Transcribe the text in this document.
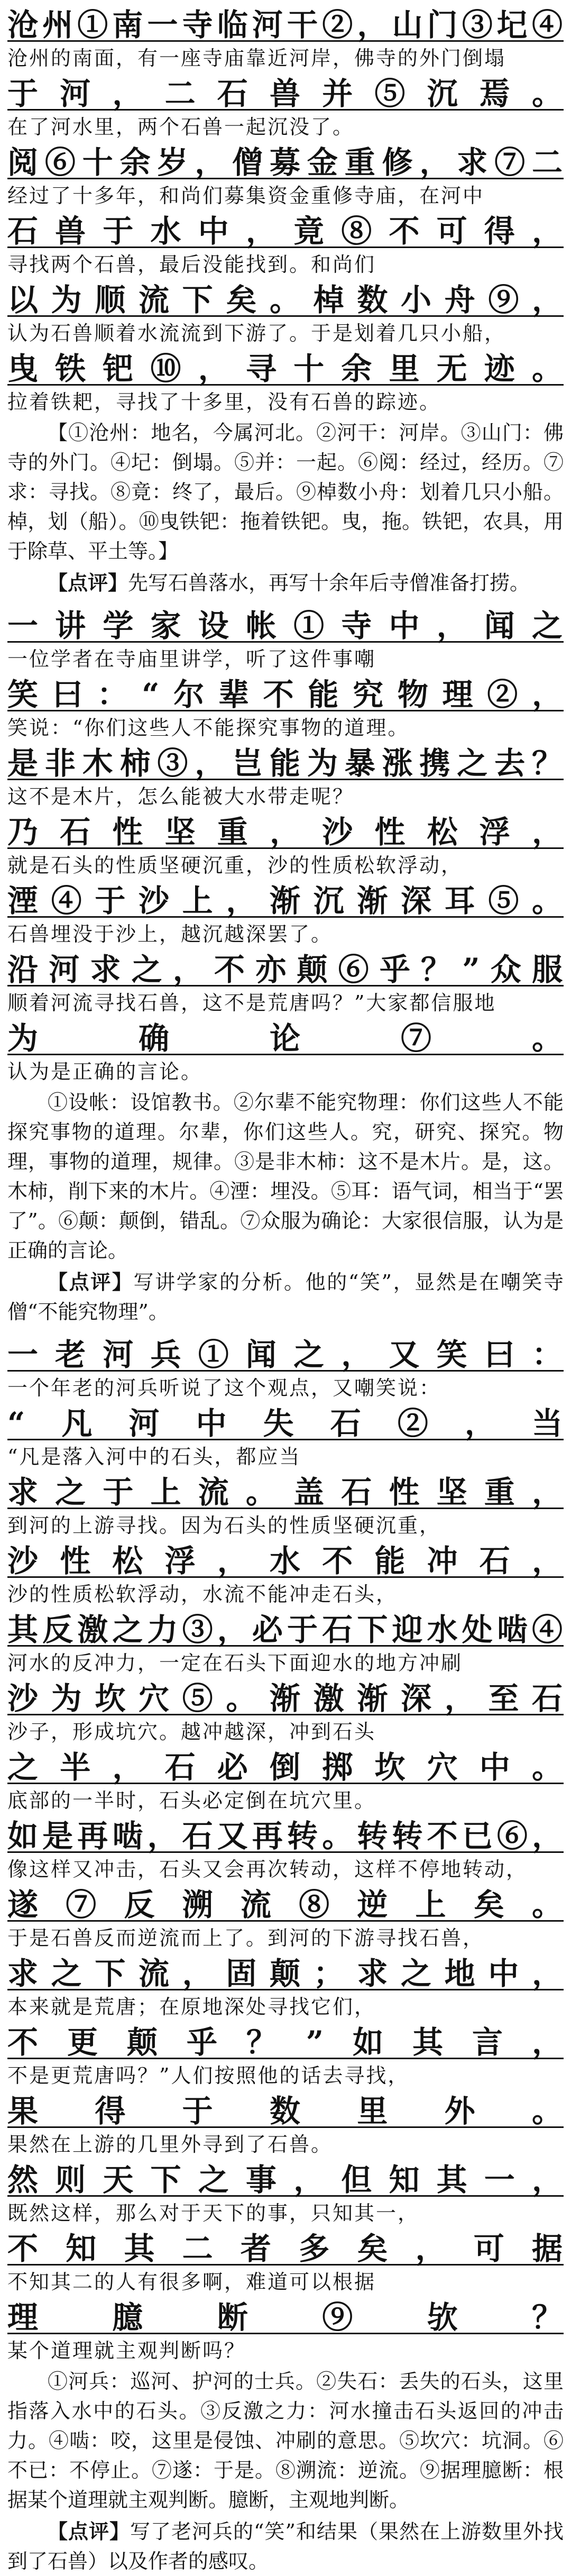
沧州①南一寺临河干②，山门③圮④

沧州的南面，有一座寺庙靠近河岸，佛寺的外门倒塌

于河，二石兽并⑤沉焉。

在了河水里，两个石兽一起沉没了。

阅⑥十余岁，僧募金重修，求⑦二

经过了十多年，和尚们募集资金重修寺庙，在河中

石兽于水中，竟⑧不可得，

寻找两个石兽，最后没能找到。和尚们

以为顺流下矣。棹数小舟⑨，

认为石兽顺着水流流到下游了。于是划着几只小船，

曳铁钯⑩，寻十余里无迹。

拉着铁耙，寻找了十多里，没有石兽的踪迹。

【①沧州：地名，今属河北。②河干：河岸。③山门：佛寺的外门。④圮：倒塌。⑤并：一起。⑥阅：经过，经历。⑦求：寻找。⑧竟：终了，最后。⑨棹数小舟：划着几只小船。棹，划（船）。⑩曳铁钯：拖着铁钯。曳，拖。铁钯，农具，用于除草、平土等。】

【点评】先写石兽落水，再写十余年后寺僧准备打捞。

一讲学家设帐①寺中，闻之

一位学者在寺庙里讲学，听了这件事嘲

笑曰：“尔辈不能究物理②，

笑说：“你们这些人不能探究事物的道理。

是非木柿③，岂能为暴涨携之去？

这不是木片，怎么能被大水带走呢？

乃石性坚重，沙性松浮，

就是石头的性质坚硬沉重，沙的性质松软浮动，

湮④于沙上，渐沉渐深耳⑤。

石兽埋没于沙上，越沉越深罢了。

沿河求之，不亦颠⑥乎？”众服

顺着河流寻找石兽，这不是荒唐吗？”大家都信服地

为确论⑦。

认为是正确的言论。

①设帐：设馆教书。②尔辈不能究物理：你们这些人不能探究事物的道理。尔辈，你们这些人。究，研究、探究。物理，事物的道理，规律。③是非木柿：这不是木片。是，这。木柿，削下来的木片。④湮：埋没。⑤耳：语气词，相当于“罢了”。⑥颠：颠倒，错乱。⑦众服为确论：大家很信服，认为是正确的言论。

【点评】写讲学家的分析。他的“笑”，显然是在嘲笑寺僧“不能究物理”。

一老河兵①闻之，又笑曰：

一个年老的河兵听说了这个观点，又嘲笑说：

“凡河中失石②，当

“凡是落入河中的石头，都应当

求之于上流。盖石性坚重，

到河的上游寻找。因为石头的性质坚硬沉重，

沙性松浮，水不能冲石，

沙的性质松软浮动，水流不能冲走石头，

其反激之力③，必于石下迎水处啮④

河水的反冲力，一定在石头下面迎水的地方冲刷

沙为坎穴⑤。渐激渐深，至石

沙子，形成坑穴。越冲越深，冲到石头

之半，石必倒掷坎穴中。

底部的一半时，石头必定倒在坑穴里。

如是再啮，石又再转。转转不已⑥，

像这样又冲击，石头又会再次转动，这样不停地转动，

遂⑦反溯流⑧逆上矣。

于是石兽反而逆流而上了。到河的下游寻找石兽，

求之下流，固颠；求之地中，

本来就是荒唐；在原地深处寻找它们，

不更颠乎？”如其言，

不是更荒唐吗？”人们按照他的话去寻找，

果得于数里外。

果然在上游的几里外寻到了石兽。

然则天下之事，但知其一，

既然这样，那么对于天下的事，只知其一，

不知其二者多矣，可据

不知其二的人有很多啊，难道可以根据

理臆断⑨欤？

某个道理就主观判断吗？

①河兵：巡河、护河的士兵。②失石：丢失的石头，这里指落入水中的石头。③反激之力：河水撞击石头返回的冲击力。④啮：咬，这里是侵蚀、冲刷的意思。⑤坎穴：坑洞。⑥不已：不停止。⑦遂：于是。⑧溯流：逆流。⑨据理臆断：根据某个道理就主观判断。臆断，主观地判断。

【点评】写了老河兵的“笑”和结果（果然在上游数里外找到了石兽）以及作者的感叹。
